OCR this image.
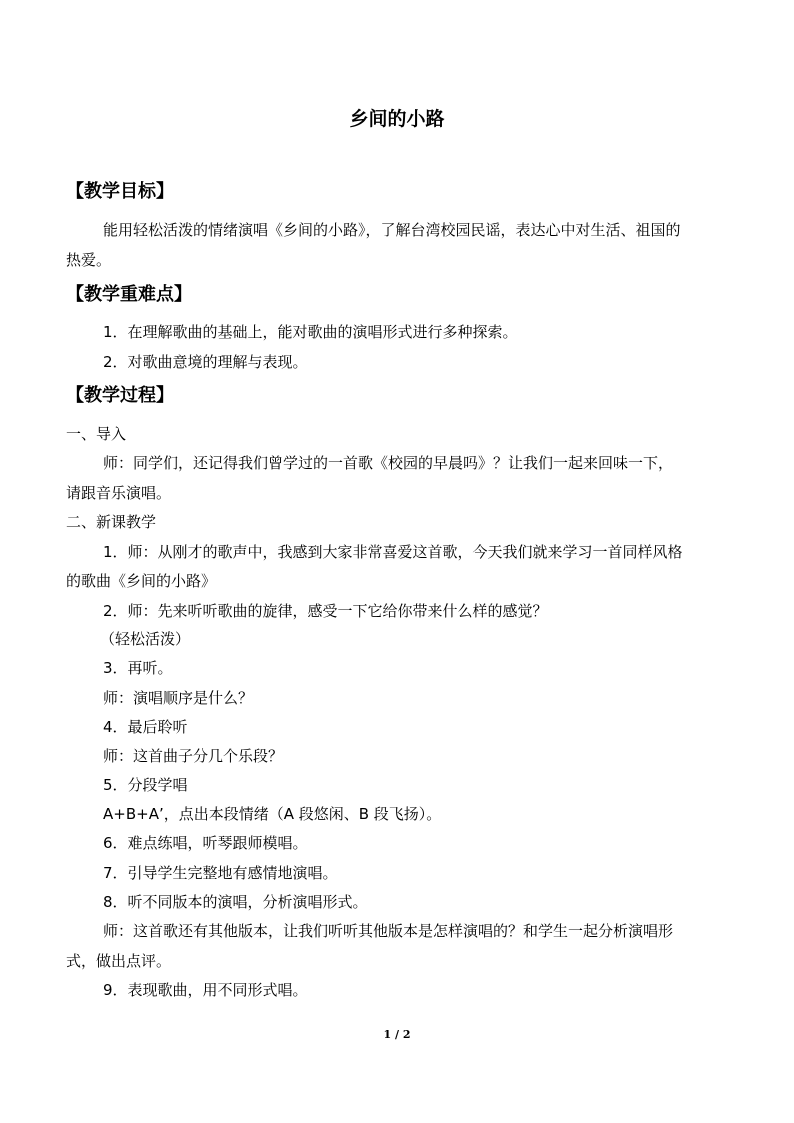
乡间的小路
【教学目标】
能用轻松活泼的情绪演唱《乡间的小路》，了解台湾校园民谣，表达心中对生活、祖国的
热爱。
【教学重难点】
1．在理解歌曲的基础上，能对歌曲的演唱形式进行多种探索。
2．对歌曲意境的理解与表现。
【教学过程】
一、导入
师：同学们，还记得我们曾学过的一首歌《校园的早晨吗》？让我们一起来回味一下，
请跟音乐演唱。
二、新课教学
1．师：从刚才的歌声中，我感到大家非常喜爱这首歌，今天我们就来学习一首同样风格
的歌曲《乡间的小路》
2．师：先来听听歌曲的旋律，感受一下它给你带来什么样的感觉？
（轻松活泼）
3．再听。
师：演唱顺序是什么？
4．最后聆听
师：这首曲子分几个乐段？
5．分段学唱
A+B+A’，点出本段情绪（A 段悠闲、B 段飞扬）。
6．难点练唱，听琴跟师模唱。
7．引导学生完整地有感情地演唱。
8．听不同版本的演唱，分析演唱形式。
师：这首歌还有其他版本，让我们听听其他版本是怎样演唱的？和学生一起分析演唱形
式，做出点评。
9．表现歌曲，用不同形式唱。
1 / 2
